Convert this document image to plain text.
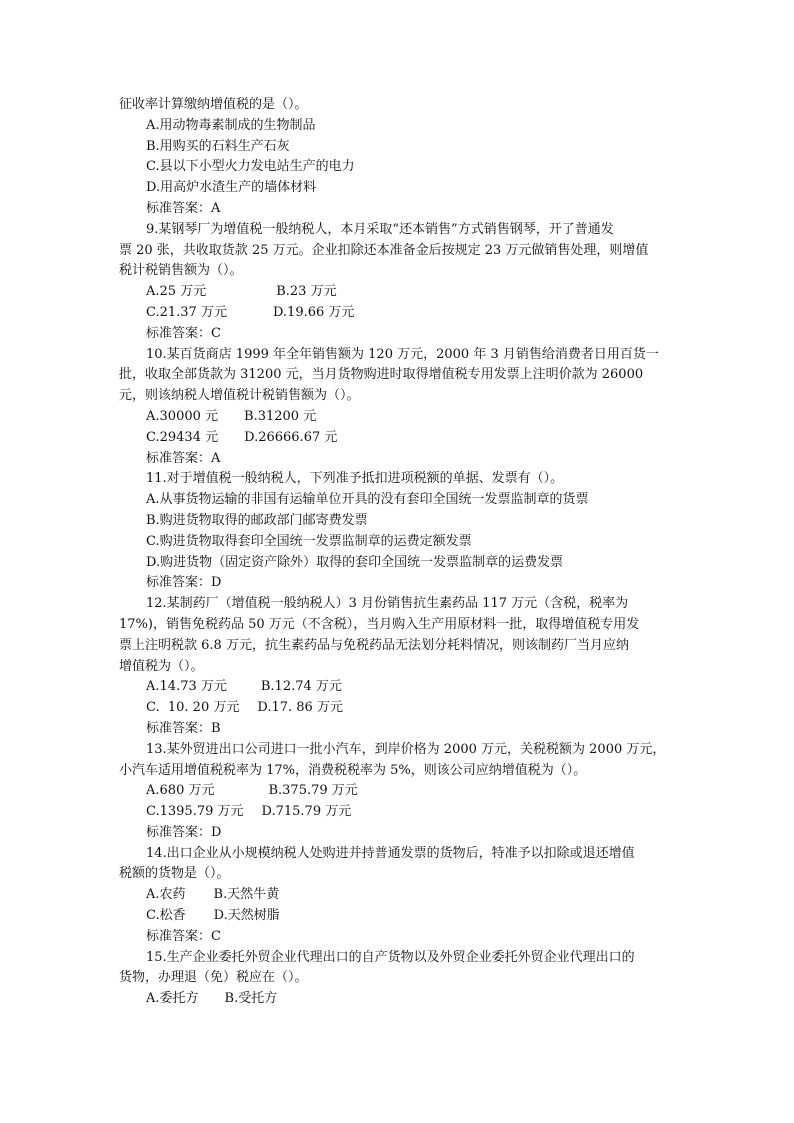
征收率计算缴纳增值税的是（）。
A.用动物毒素制成的生物制品
B.用购买的石料生产石灰
C.县以下小型火力发电站生产的电力
D.用高炉水渣生产的墙体材料
标准答案：A
9.某钢琴厂为增值税一般纳税人，本月采取“还本销售”方式销售钢琴，开了普通发
票 20 张，共收取货款 25 万元。企业扣除还本准备金后按规定 23 万元做销售处理，则增值
税计税销售额为（）。
A.25 万元	B.23 万元
C.21.37 万元	D.19.66 万元
标准答案：C
10.某百货商店 1999 年全年销售额为 120 万元，2000 年 3 月销售给消费者日用百货一
批，收取全部货款为 31200 元，当月货物购进时取得增值税专用发票上注明价款为 26000
元，则该纳税人增值税计税销售额为（）。
A.30000 元 B.31200 元
C.29434 元 D.26666.67 元
标准答案：A
11.对于增值税一般纳税人，下列准予抵扣进项税额的单据、发票有（）。
A.从事货物运输的非国有运输单位开具的没有套印全国统一发票监制章的货票
B.购进货物取得的邮政部门邮寄费发票
C.购进货物取得套印全国统一发票监制章的运费定额发票
D.购进货物（固定资产除外）取得的套印全国统一发票监制章的运费发票
标准答案：D
12.某制药厂（增值税一般纳税人）3 月份销售抗生素药品 117 万元（含税，税率为
17%)，销售免税药品 50 万元（不含税），当月购入生产用原材料一批，取得增值税专用发
票上注明税款 6.8 万元，抗生素药品与免税药品无法划分耗料情况，则该制药厂当月应纳
增值税为（）。
A.14.73 万元	B.12.74 万元
C.  10. 20 万元 D.17. 86 万元
标准答案：B
13.某外贸进出口公司进口一批小汽车，到岸价格为 2000 万元，关税税额为 2000 万元，
小汽车适用增值税税率为 17%，消费税税率为 5%，则该公司应纳增值税为（）。
A.680 万元	B.375.79 万元
C.1395.79 万元 D.715.79 万元
标准答案：D
14.出口企业从小规模纳税人处购进并持普通发票的货物后，特准予以扣除或退还增值
税额的货物是（）。
A.农药 B.天然牛黄
C.松香 D.天然树脂
标准答案：C
15.生产企业委托外贸企业代理出口的自产货物以及外贸企业委托外贸企业代理出口的
货物，办理退（免）税应在（）。
A.委托方 B.受托方
